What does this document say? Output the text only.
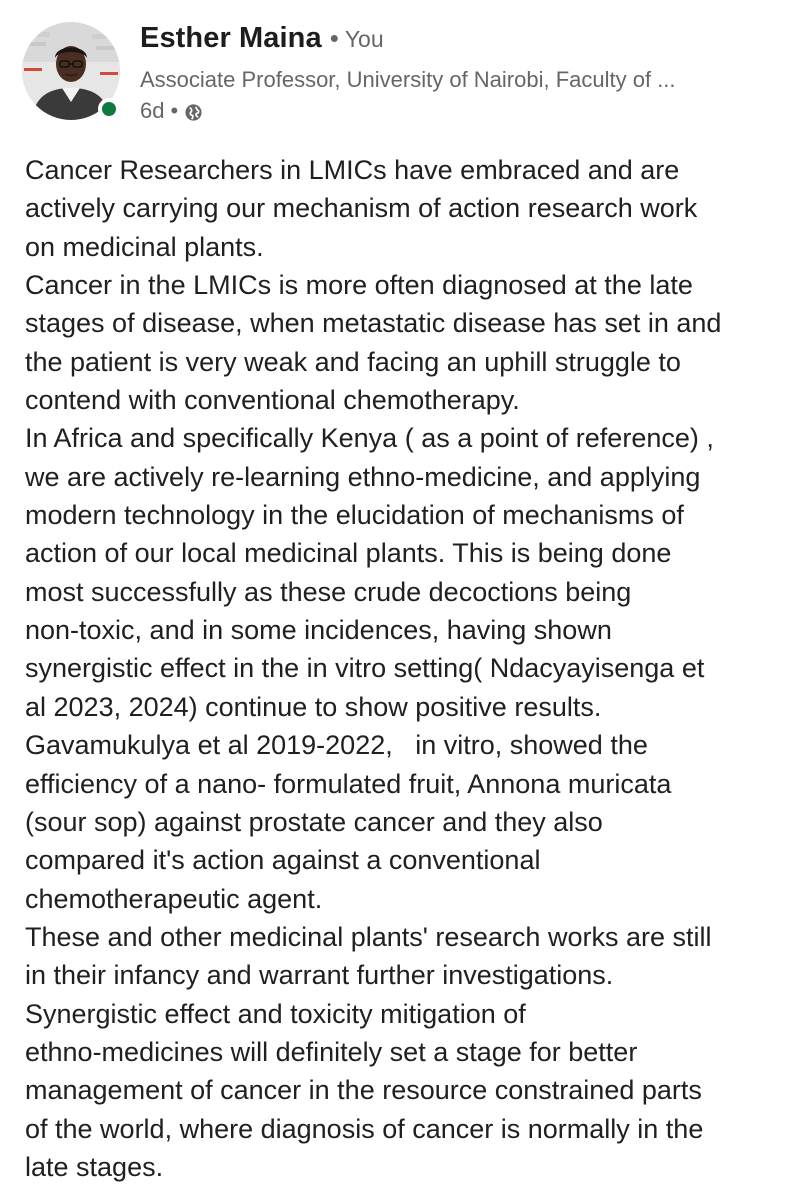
Esther Maina • You
Associate Professor, University of Nairobi, Faculty of ...
6d •
Cancer Researchers in LMICs have embraced and are
actively carrying our mechanism of action research work
on medicinal plants.
Cancer in the LMICs is more often diagnosed at the late
stages of disease, when metastatic disease has set in and
the patient is very weak and facing an uphill struggle to
contend with conventional chemotherapy.
In Africa and specifically Kenya ( as a point of reference) ,
we are actively re-learning ethno-medicine, and applying
modern technology in the elucidation of mechanisms of
action of our local medicinal plants. This is being done
most successfully as these crude decoctions being
non-toxic, and in some incidences, having shown
synergistic effect in the in vitro setting( Ndacyayisenga et
al 2023, 2024) continue to show positive results.
Gavamukulya et al 2019-2022,   in vitro, showed the
efficiency of a nano- formulated fruit, Annona muricata
(sour sop) against prostate cancer and they also
compared it's action against a conventional
chemotherapeutic agent.
These and other medicinal plants' research works are still
in their infancy and warrant further investigations.
Synergistic effect and toxicity mitigation of
ethno-medicines will definitely set a stage for better
management of cancer in the resource constrained parts
of the world, where diagnosis of cancer is normally in the
late stages.
